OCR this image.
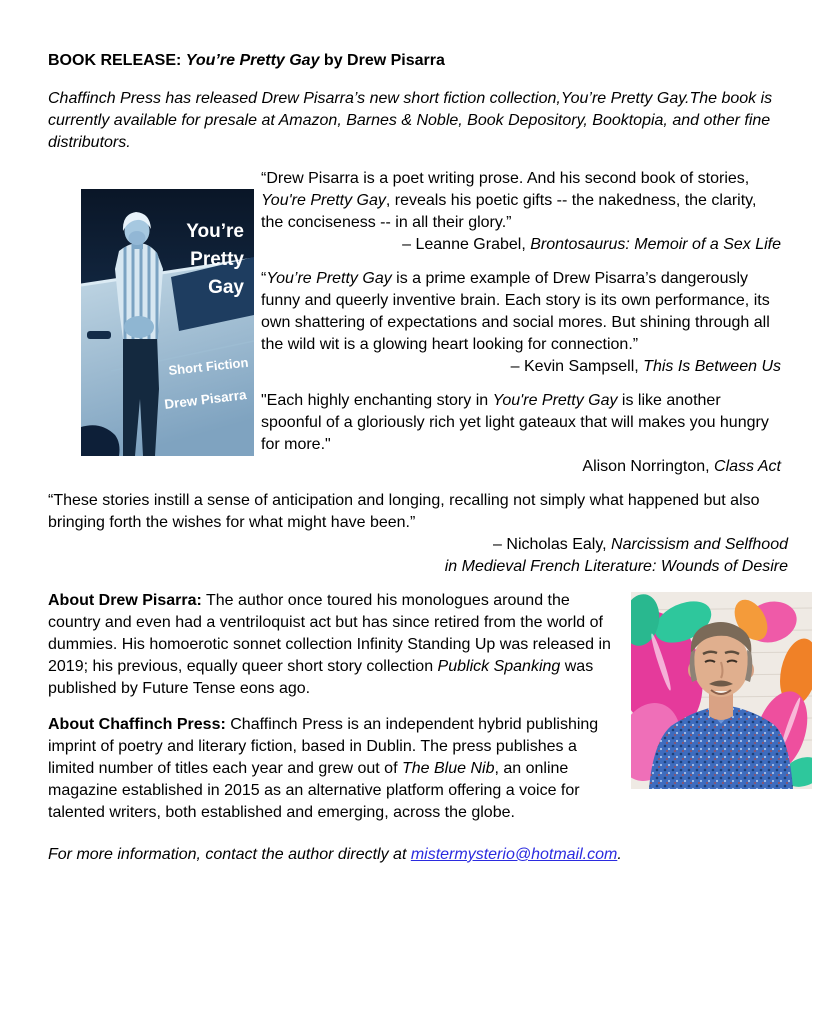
BOOK RELEASE: You’re Pretty Gay by Drew Pisarra

Chaffinch Press has released Drew Pisarra’s new short fiction collection,You’re Pretty Gay.The book is currently available for presale at Amazon, Barnes & Noble, Book Depository, Booktopia, and other fine distributors.

You’re
Pretty
Gay
Short Fiction
Drew Pisarra
“Drew Pisarra is a poet writing prose. And his second book of stories, You're Pretty Gay, reveals his poetic gifts -- the nakedness, the clarity, the conciseness -- in all their glory.”
– Leanne Grabel, Brontosaurus: Memoir of a Sex Life
“You’re Pretty Gay is a prime example of Drew Pisarra’s dangerously funny and queerly inventive brain. Each story is its own performance, its own shattering of expectations and social mores. But shining through all the wild wit is a glowing heart looking for connection.”
– Kevin Sampsell, This Is Between Us
"Each highly enchanting story in You're Pretty Gay is like another spoonful of a gloriously rich yet light gateaux that will makes you hungry for more."
Alison Norrington, Class Act
“These stories instill a sense of anticipation and longing, recalling not simply what happened but also bringing forth the wishes for what might have been.”
– Nicholas Ealy, Narcissism and Selfhood
in Medieval French Literature: Wounds of Desire

About Drew Pisarra: The author once toured his monologues around the country and even had a ventriloquist act but has since retired from the world of dummies. His homoerotic sonnet collection Infinity Standing Up was released in 2019; his previous, equally queer short story collection Publick Spanking was published by Future Tense eons ago.

About Chaffinch Press: Chaffinch Press is an independent hybrid publishing imprint of poetry and literary fiction, based in Dublin. The press publishes a limited number of titles each year and grew out of The Blue Nib, an online magazine established in 2015 as an alternative platform offering a voice for talented writers, both established and emerging, across the globe.

For more information, contact the author directly at mistermysterio@hotmail.com.
